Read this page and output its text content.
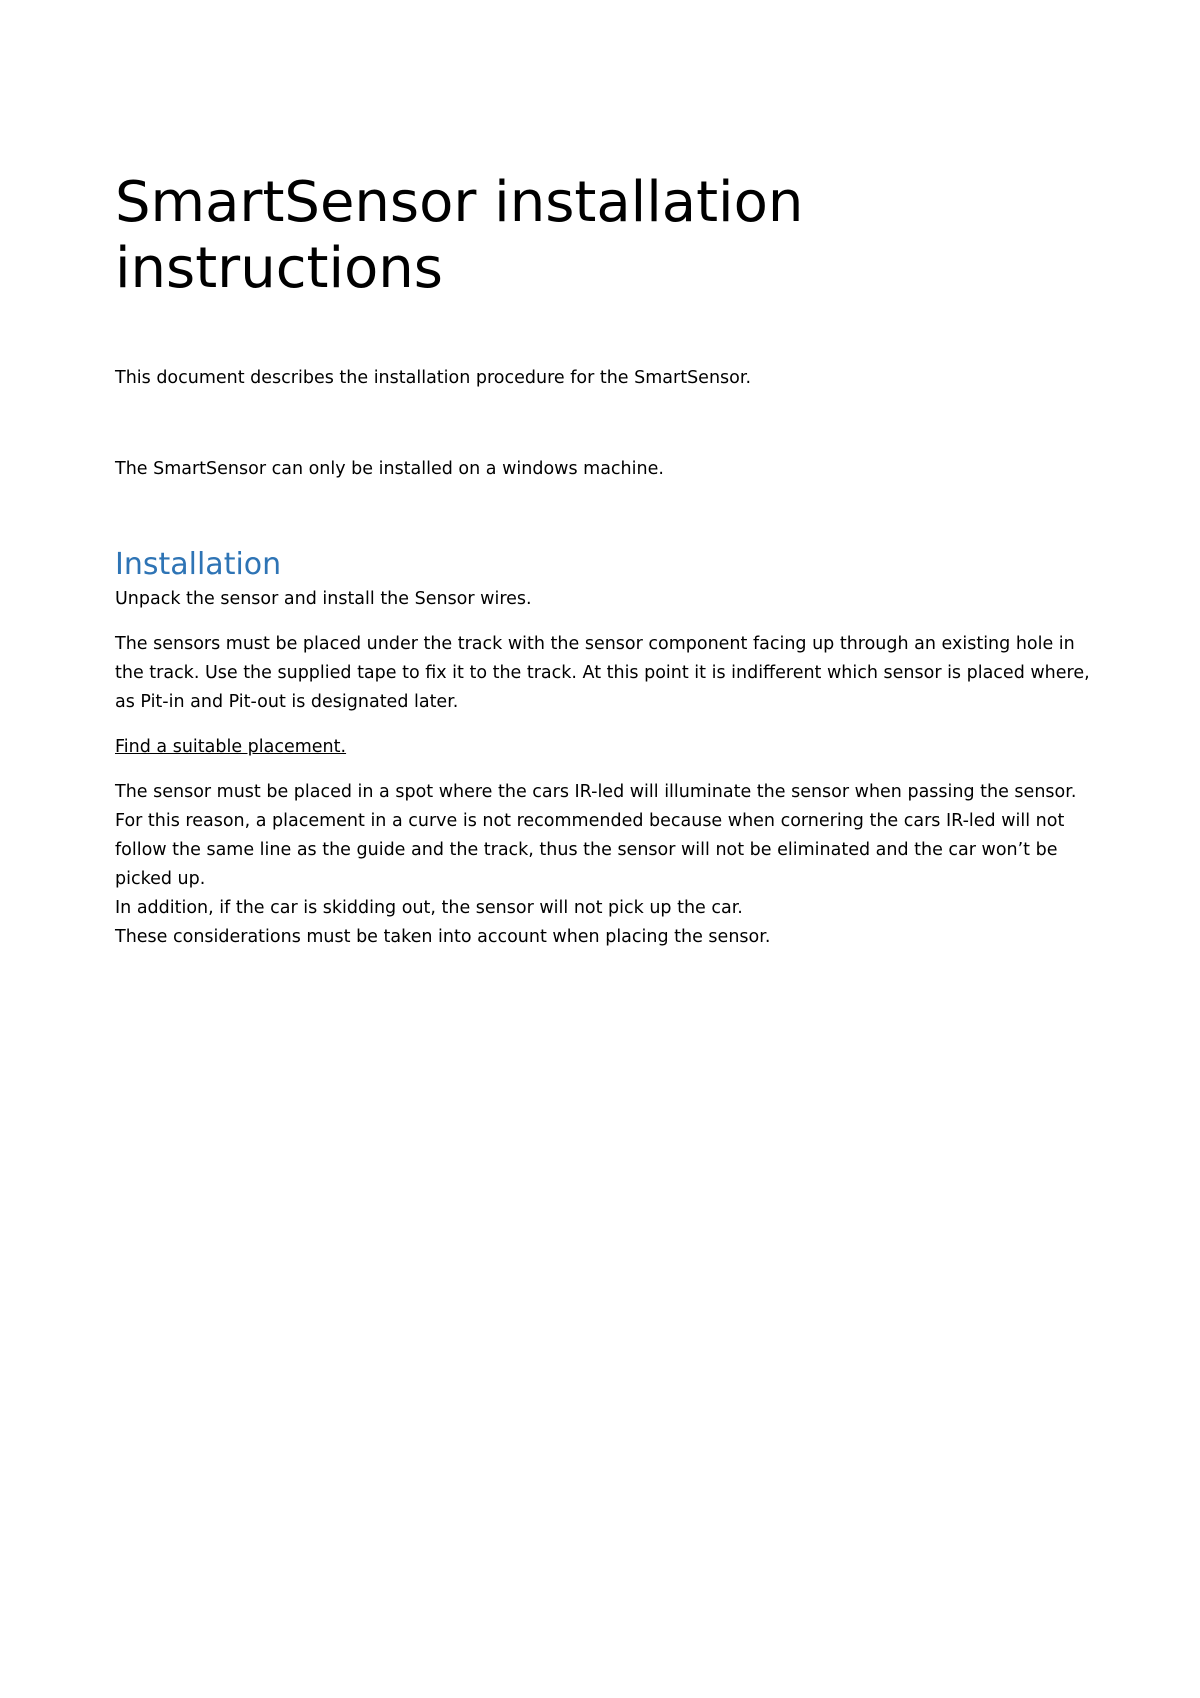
SmartSensor installation instructions

This document describes the installation procedure for the SmartSensor.

The SmartSensor can only be installed on a windows machine.

Installation

Unpack the sensor and install the Sensor wires.

The sensors must be placed under the track with the sensor component facing up through an existing hole in the track. Use the supplied tape to fix it to the track. At this point it is indifferent which sensor is placed where, as Pit-in and Pit-out is designated later.

Find a suitable placement.

The sensor must be placed in a spot where the cars IR-led will illuminate the sensor when passing the sensor. For this reason, a placement in a curve is not recommended because when cornering the cars IR-led will not follow the same line as the guide and the track, thus the sensor will not be eliminated and the car won’t be picked up.
In addition, if the car is skidding out, the sensor will not pick up the car.
These considerations must be taken into account when placing the sensor.
